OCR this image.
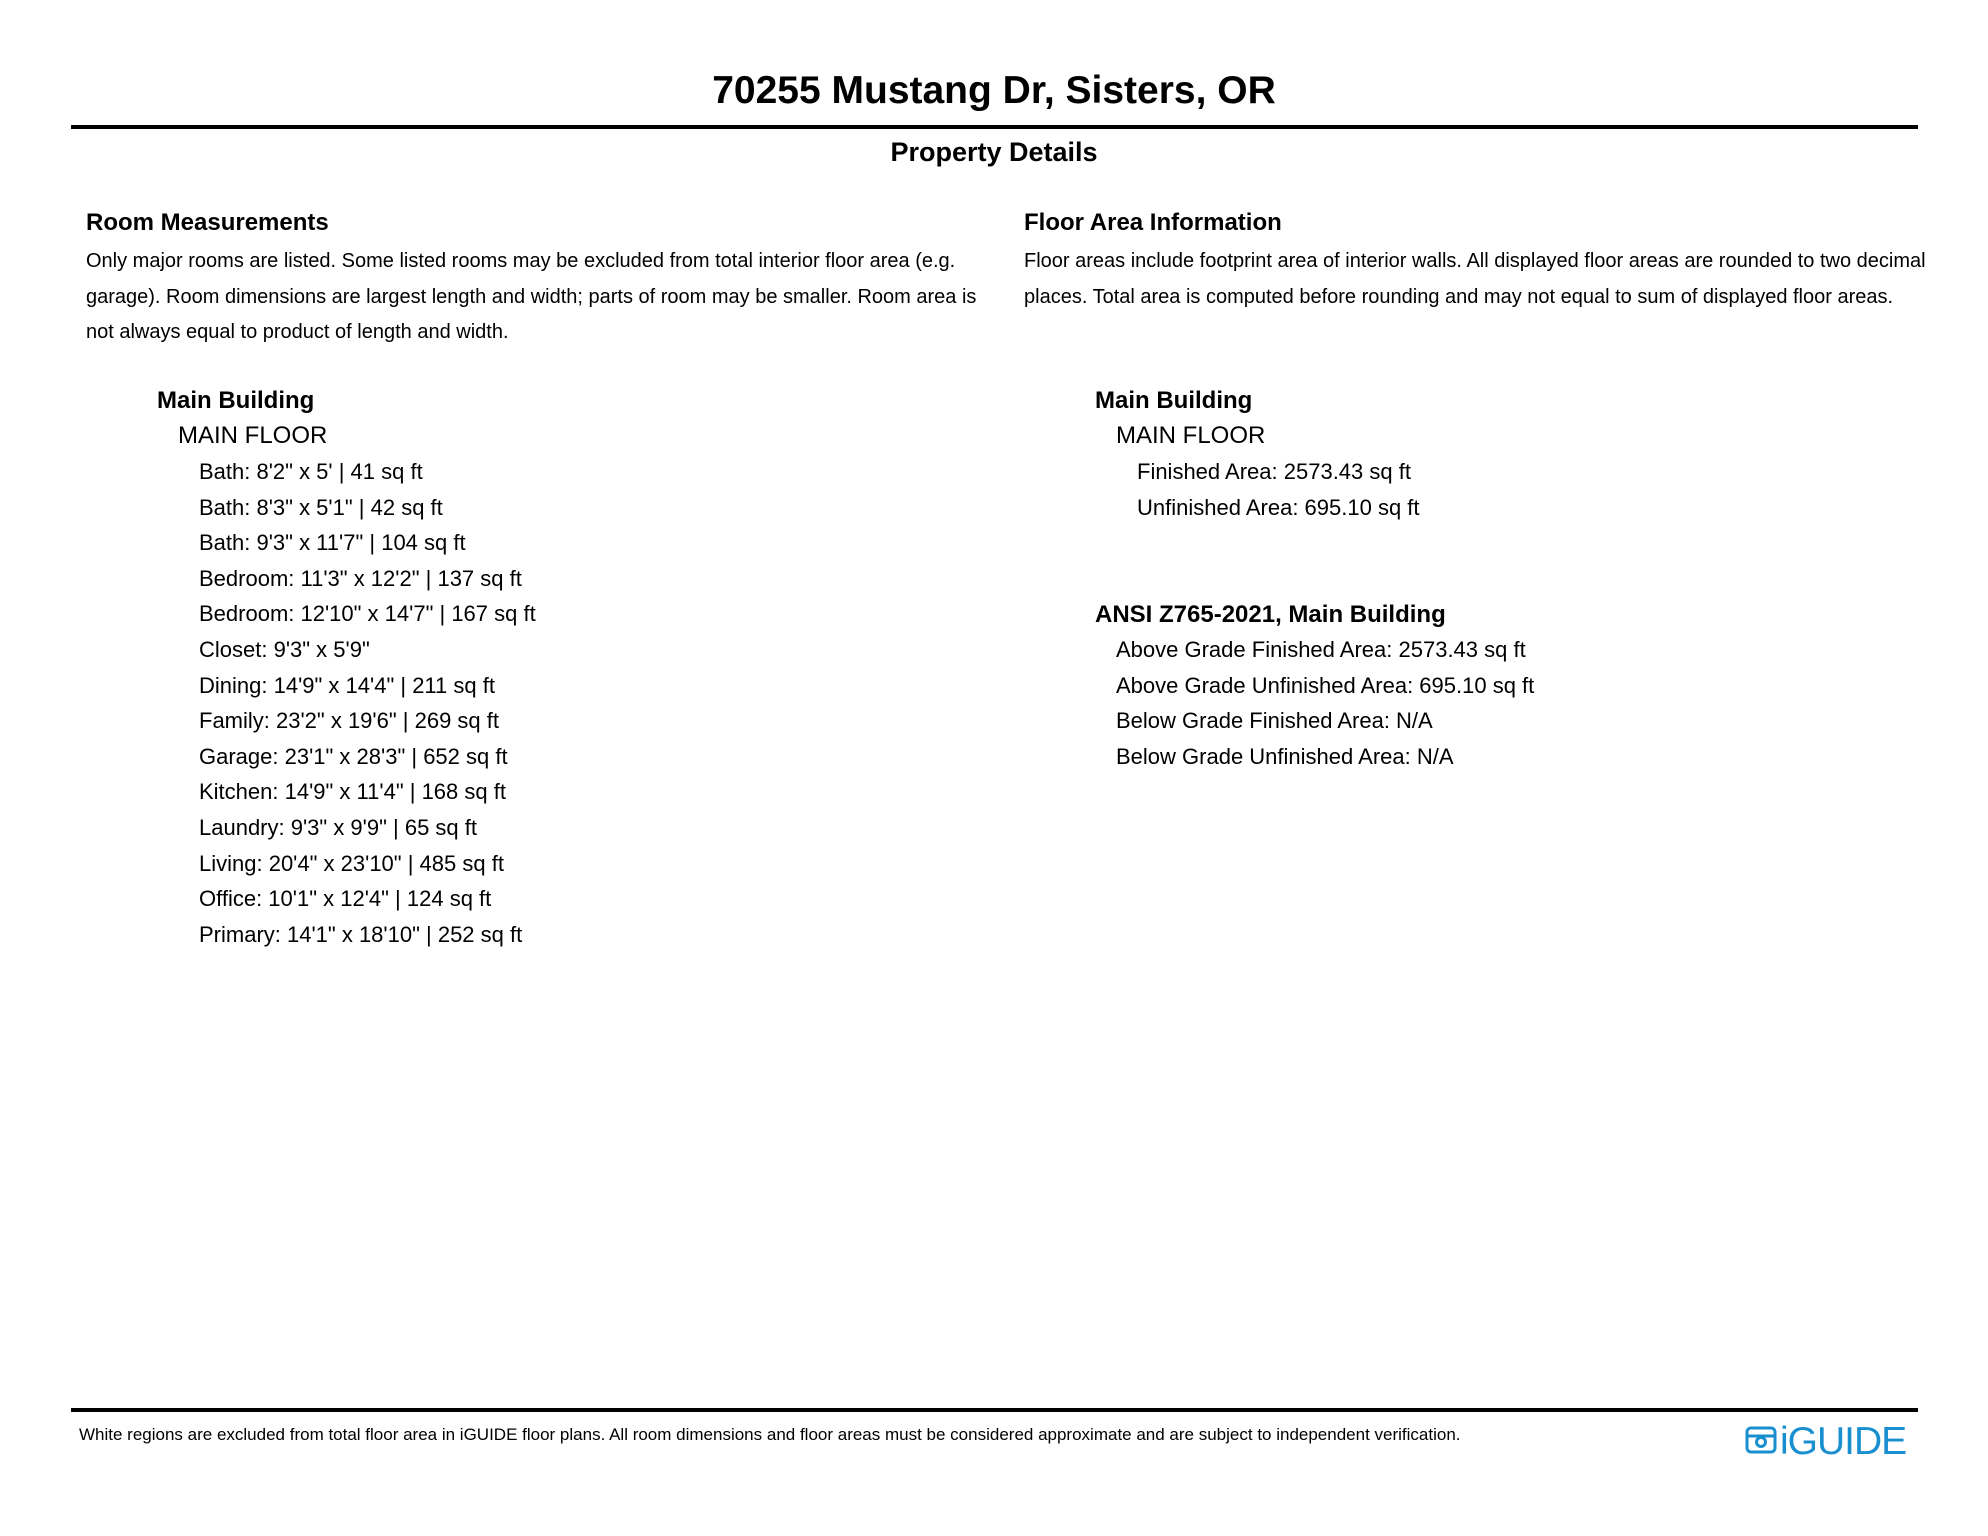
70255 Mustang Dr, Sisters, OR
Property Details
Room Measurements

Only major rooms are listed. Some listed rooms may be excluded from total interior floor area (e.g. garage). Room dimensions are largest length and width; parts of room may be smaller. Room area is not always equal to product of length and width.

Main Building
MAIN FLOOR
Bath: 8'2" x 5' | 41 sq ft
Bath: 8'3" x 5'1" | 42 sq ft
Bath: 9'3" x 11'7" | 104 sq ft
Bedroom: 11'3" x 12'2" | 137 sq ft
Bedroom: 12'10" x 14'7" | 167 sq ft
Closet: 9'3" x 5'9"
Dining: 14'9" x 14'4" | 211 sq ft
Family: 23'2" x 19'6" | 269 sq ft
Garage: 23'1" x 28'3" | 652 sq ft
Kitchen: 14'9" x 11'4" | 168 sq ft
Laundry: 9'3" x 9'9" | 65 sq ft
Living: 20'4" x 23'10" | 485 sq ft
Office: 10'1" x 12'4" | 124 sq ft
Primary: 14'1" x 18'10" | 252 sq ft
Floor Area Information

Floor areas include footprint area of interior walls. All displayed floor areas are rounded to two decimal places. Total area is computed before rounding and may not equal to sum of displayed floor areas.

Main Building
MAIN FLOOR
Finished Area: 2573.43 sq ft
Unfinished Area: 695.10 sq ft
ANSI Z765-2021, Main Building
Above Grade Finished Area: 2573.43 sq ft
Above Grade Unfinished Area: 695.10 sq ft
Below Grade Finished Area: N/A
Below Grade Unfinished Area: N/A

White regions are excluded from total floor area in iGUIDE floor plans. All room dimensions and floor areas must be considered approximate and are subject to independent verification.	iGUIDE
